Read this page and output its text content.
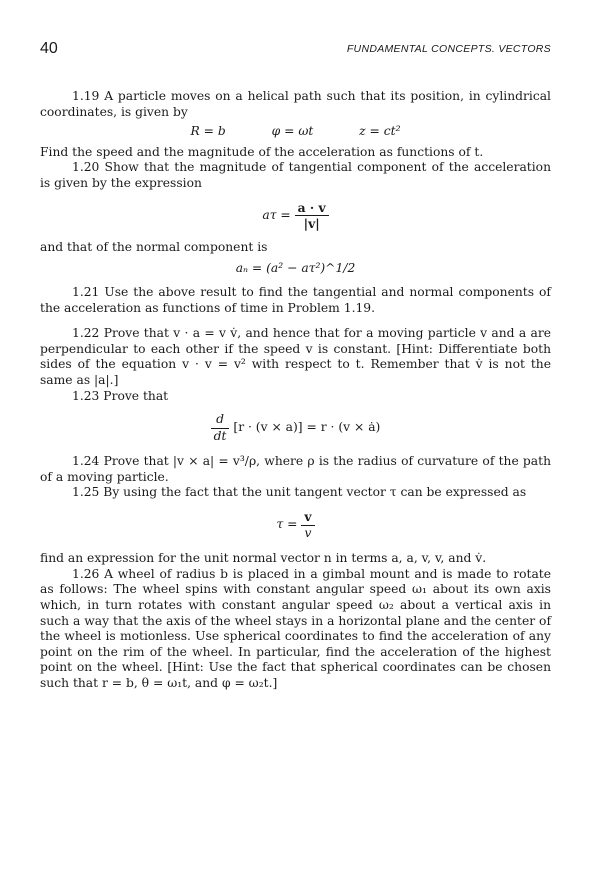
40	FUNDAMENTAL CONCEPTS. VECTORS

1.19 A particle moves on a helical path such that its position, in cylindrical coordinates, is given by

R = b	φ = ωt	z = ct²

Find the speed and the magnitude of the acceleration as functions of t.

1.20 Show that the magnitude of tangential component of the acceleration is given by the expression

$a\tau = \frac{a \cdot v}{|v|}$

and that of the normal component is

aₙ = (a² − aτ²)^1/2

1.21 Use the above result to find the tangential and normal components of the acceleration as functions of time in Problem 1.19.

1.22 Prove that v · a = v v̇, and hence that for a moving particle v and a are perpendicular to each other if the speed v is constant. [Hint: Differentiate both sides of the equation v · v = v² with respect to t. Remember that v̇ is not the same as |a|.]

1.23 Prove that

$\frac{d}{dt} [r \cdot (v \times a)] = r \cdot (v$ × ȧ)

1.24 Prove that |v × a| = v³/ρ, where ρ is the radius of curvature of the path of a moving particle.

1.25 By using the fact that the unit tangent vector τ can be expressed as

$\tau = \frac{v}{v}$

find an expression for the unit normal vector n in terms a, a, v, v, and v̇.

1.26 A wheel of radius b is placed in a gimbal mount and is made to rotate as follows: The wheel spins with constant angular speed ω₁ about its own axis which, in turn rotates with constant angular speed ω₂ about a vertical axis in such a way that the axis of the wheel stays in a horizontal plane and the center of the wheel is motionless. Use spherical coordinates to find the acceleration of any point on the rim of the wheel. In particular, find the acceleration of the highest point on the wheel. [Hint: Use the fact that spherical coordinates can be chosen such that r = b, θ = ω₁t, and φ = ω₂t.]
